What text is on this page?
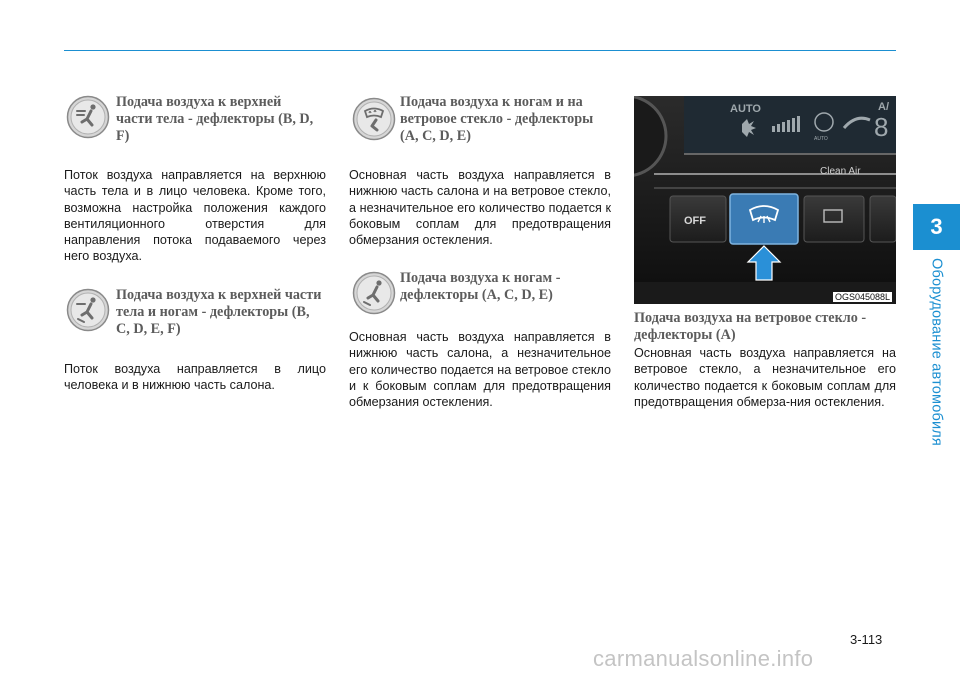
3
Оборудование автомобиля
Подача воздуха к верхней части тела - дефлекторы (B, D, F)
Поток воздуха направляется на верхнюю часть тела и в лицо человека. Кроме того, возможна настройка положения каждого вентиляционного отверстия для направления потока подаваемого через него воздуха.
Подача воздуха к верхней части тела и ногам - дефлекторы (B, C, D, E, F)
Поток воздуха направляется в лицо человека и в нижнюю часть салона.
Подача воздуха к ногам и на ветровое стекло - дефлекторы (A, C, D, E)
Основная часть воздуха направляется в нижнюю часть салона и на ветровое стекло, а незначительное его количество подается к боковым соплам для предотвращения обмерзания остекления.
Подача воздуха к ногам - дефлекторы (A, C, D, E)
Основная часть воздуха направляется в нижнюю часть салона, а незначительное его количество подается на ветровое стекло и к боковым соплам для предотвращения обмерзания остекления.
AUTO
AUTO 8
A/
Clean Air
OFF
OGS045088L
Подача воздуха на ветровое стекло - дефлекторы (A)
Основная часть воздуха направляется на ветровое стекло, а незначительное его количество подается к боковым соплам для предотвращения обмерза-ния остекления.
3-113
carmanualsonline.info
